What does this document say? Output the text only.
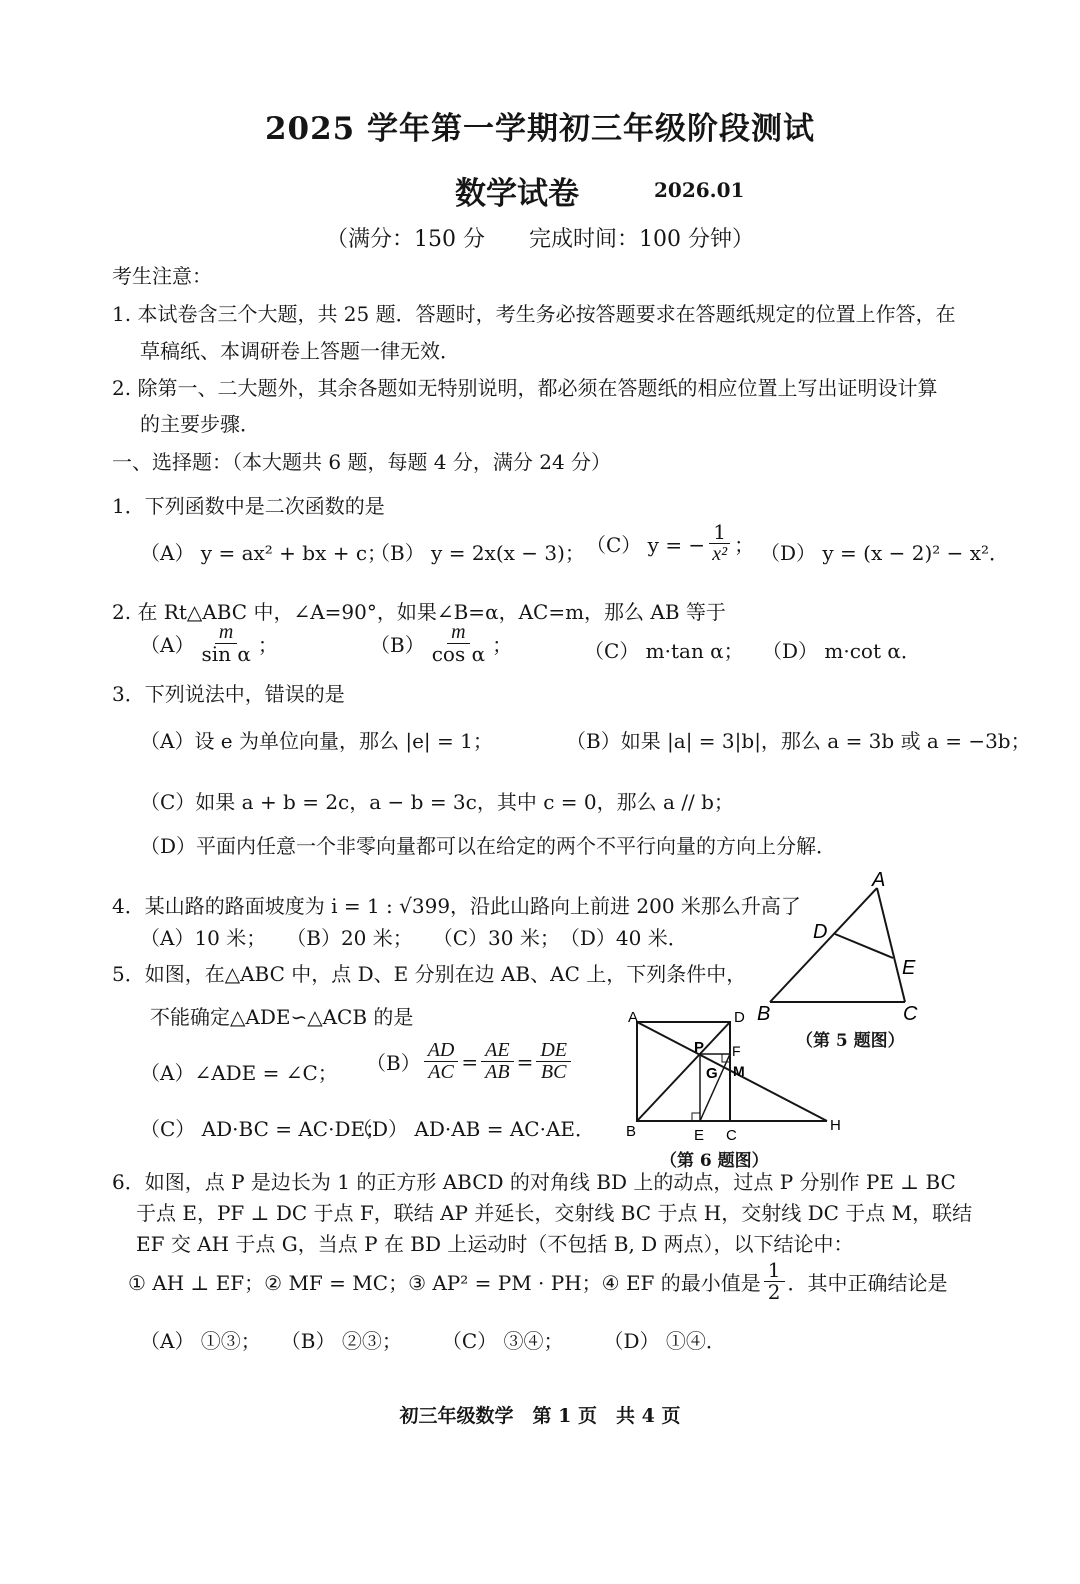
2025 学年第一学期初三年级阶段测试
数学试卷	2026.01
（满分：150 分　　完成时间：100 分钟）
考生注意：
1. 本试卷含三个大题，共 25 题．答题时，考生务必按答题要求在答题纸规定的位置上作答，在
草稿纸、本调研卷上答题一律无效．
2. 除第一、二大题外，其余各题如无特别说明，都必须在答题纸的相应位置上写出证明设计算
的主要步骤．
一、选择题：（本大题共 6 题，每题 4 分，满分 24 分）
1．下列函数中是二次函数的是
（A） y = ax² + bx + c；
（B） y = 2x(x − 3)； （C） y = − $\frac{1}{\text{x²}}$ ； （D） y = (x − 2)² − x²．
2. 在 Rt△ABC 中，∠A=90°，如果∠B=α，AC=m，那么 AB 等于
$(A) \frac{m}{\text{sin α}}$ ；	$(B) \frac{m}{\text{cos α}}$ ；	（C） m·tan α； （D） m·cot α．
3．下列说法中，错误的是
（A）设 e 为单位向量，那么 |e| = 1；	（B）如果 |a| = 3|b|，那么 a = 3b 或 a = −3b；
（C）如果 a + b = 2c，a − b = 3c，其中 c = 0，那么 a // b；
（D）平面内任意一个非零向量都可以在给定的两个不平行向量的方向上分解．
4．某山路的路面坡度为 i = 1 : √399，沿此山路向上前进 200 米那么升高了
（A）10 米；　　（B）20 米；　　（C）30 米；　（D）40 米．
5．如图，在△ABC 中，点 D、E 分别在边 AB、AC 上，下列条件中，
不能确定△ADE∽△ACB 的是
（A）∠ADE = ∠C； $(B) \frac{AD}{AC} = \frac{AE}{AB} = \frac{DE}{BC}$
（C） AD·BC = AC·DE；
（D） AD·AB = AC·AE．
A
D
E
B	C
（第 5 题图）
A	D
P F
G M
B	E C
H
（第 6 题图）
6．如图，点 P 是边长为 1 的正方形 ABCD 的对角线 BD 上的动点，过点 P 分别作 PE ⊥ BC
于点 E，PF ⊥ DC 于点 F，联结 AP 并延长，交射线 BC 于点 H，交射线 DC 于点 M，联结
EF 交 AH 于点 G，当点 P 在 BD 上运动时（不包括 B, D 两点），以下结论中：
① AH ⊥ EF；② MF = MC；③ AP² = PM · PH；④ EF 的最小值是 $\frac{1}{2}$ ．其中正确结论是
（A） ①③；　　（B） ②③；　　　（C） ③④；　　　（D） ①④．
初三年级数学　第 1 页　共 4 页
